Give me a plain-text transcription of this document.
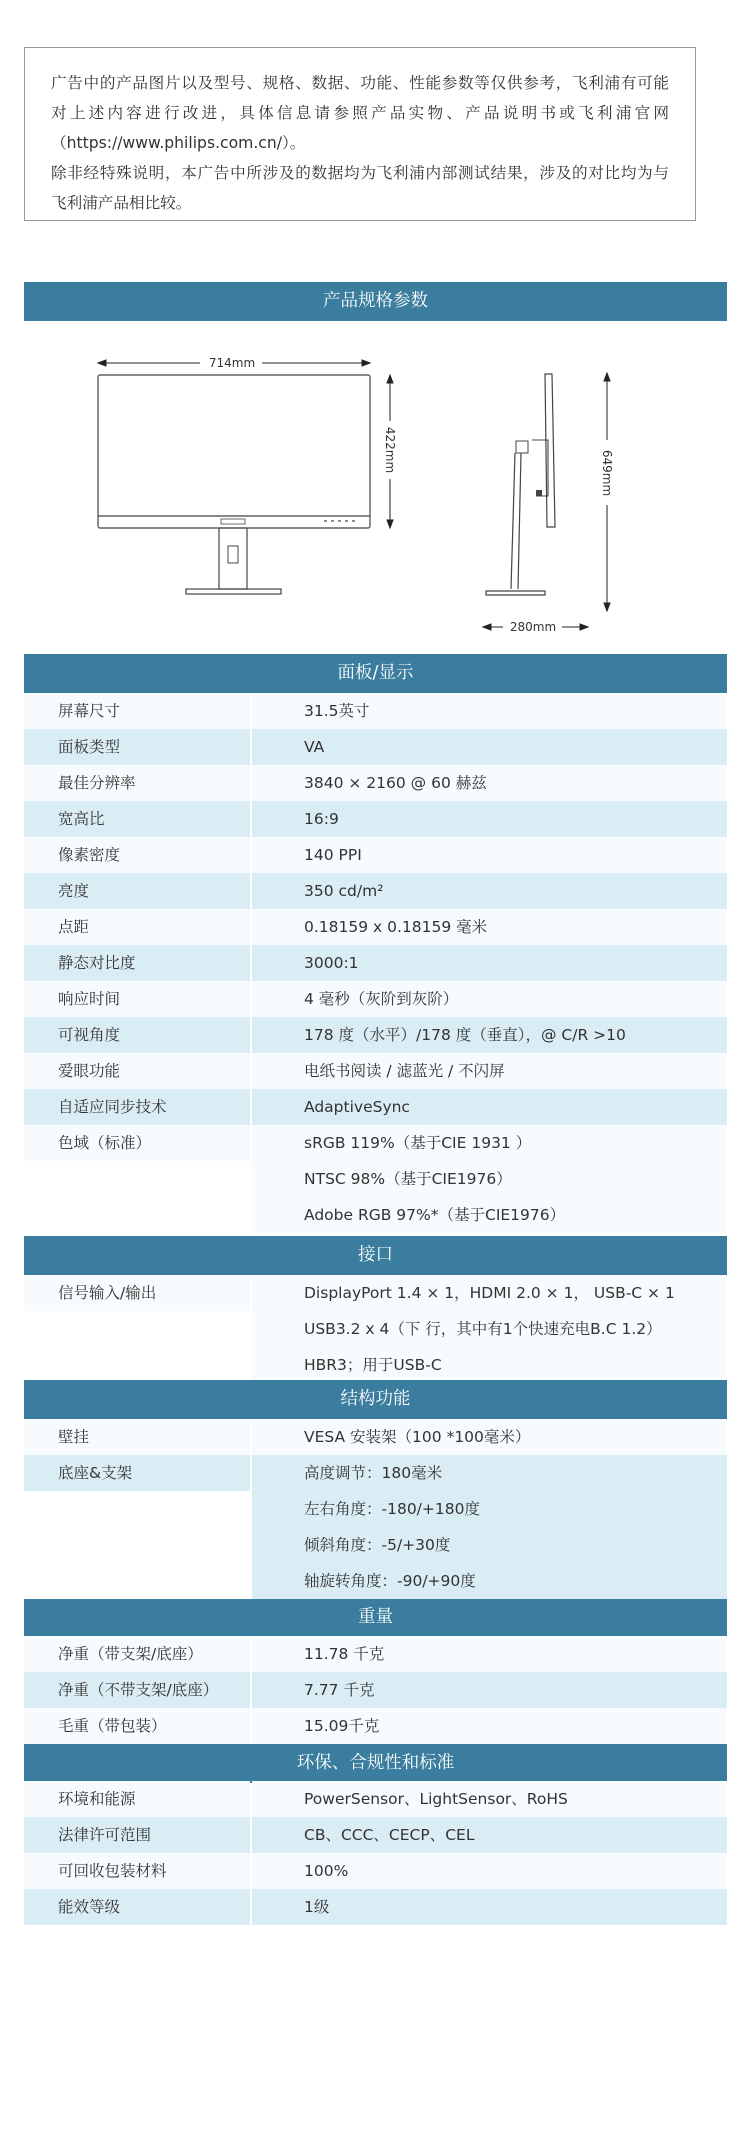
广告中的产品图片以及型号、规格、数据、功能、性能参数等仅供参考，飞利浦有可能

对上述内容进行改进，具体信息请参照产品实物、产品说明书或飞利浦官网

（https://www.philips.com.cn/）。

除非经特殊说明，本广告中所涉及的数据均为飞利浦内部测试结果，涉及的对比均为与

飞利浦产品相比较。

产品规格参数
714mm
422mm	649mm
280mm
面板/显示
屏幕尺寸	31.5英寸
面板类型	VA
最佳分辨率	3840 × 2160 @ 60 赫兹
宽高比	16:9
像素密度	140 PPI
亮度	350 cd/m²
点距	0.18159 x 0.18159 毫米
静态对比度	3000:1
响应时间	4 毫秒（灰阶到灰阶）
可视角度	178 度（水平）/178 度（垂直），@ C/R >10
爱眼功能	电纸书阅读 / 滤蓝光 / 不闪屏
自适应同步技术	AdaptiveSync
色域（标准）	sRGB 119%（基于CIE 1931 ）
NTSC 98%（基于CIE1976）
Adobe RGB 97%*（基于CIE1976）
接口
信号输入/输出	DisplayPort 1.4 × 1，HDMI 2.0 × 1， USB-C × 1
USB3.2 x 4（下 行，其中有1个快速充电B.C 1.2）
HBR3；用于USB-C
结构功能
壁挂	VESA 安装架（100 *100毫米）
底座&支架	高度调节：180毫米
左右角度：-180/+180度
倾斜角度：-5/+30度
轴旋转角度：-90/+90度
重量
净重（带支架/底座）	11.78 千克
净重（不带支架/底座）	7.77 千克
毛重（带包装）	15.09千克
环保、合规性和标准
环境和能源	PowerSensor、LightSensor、RoHS
法律许可范围	CB、CCC、CECP、CEL
可回收包装材料	100%
能效等级	1级
